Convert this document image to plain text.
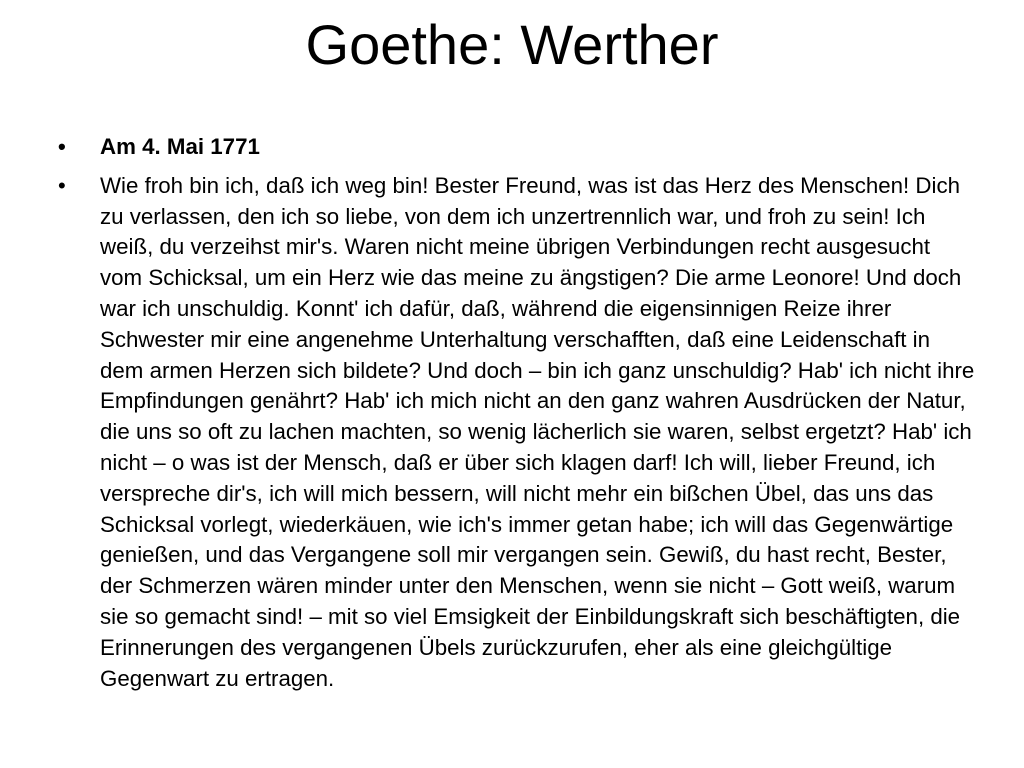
Goethe: Werther
• Am 4. Mai 1771
• Wie froh bin ich, daß ich weg bin! Bester Freund, was ist das Herz des Menschen! Dich zu verlassen, den ich so liebe, von dem ich unzertrennlich war, und froh zu sein! Ich weiß, du verzeihst mir's. Waren nicht meine übrigen Verbindungen recht ausgesucht vom Schicksal, um ein Herz wie das meine zu ängstigen? Die arme Leonore! Und doch war ich unschuldig. Konnt' ich dafür, daß, während die eigensinnigen Reize ihrer Schwester mir eine angenehme Unterhaltung verschafften, daß eine Leidenschaft in dem armen Herzen sich bildete? Und doch – bin ich ganz unschuldig? Hab' ich nicht ihre Empfindungen genährt? Hab' ich mich nicht an den ganz wahren Ausdrücken der Natur, die uns so oft zu lachen machten, so wenig lächerlich sie waren, selbst ergetzt? Hab' ich nicht – o was ist der Mensch, daß er über sich klagen darf! Ich will, lieber Freund, ich verspreche dir's, ich will mich bessern, will nicht mehr ein bißchen Übel, das uns das Schicksal vorlegt, wiederkäuen, wie ich's immer getan habe; ich will das Gegenwärtige genießen, und das Vergangene soll mir vergangen sein. Gewiß, du hast recht, Bester, der Schmerzen wären minder unter den Menschen, wenn sie nicht – Gott weiß, warum sie so gemacht sind! – mit so viel Emsigkeit der Einbildungskraft sich beschäftigten, die Erinnerungen des vergangenen Übels zurückzurufen, eher als eine gleichgültige Gegenwart zu ertragen.
